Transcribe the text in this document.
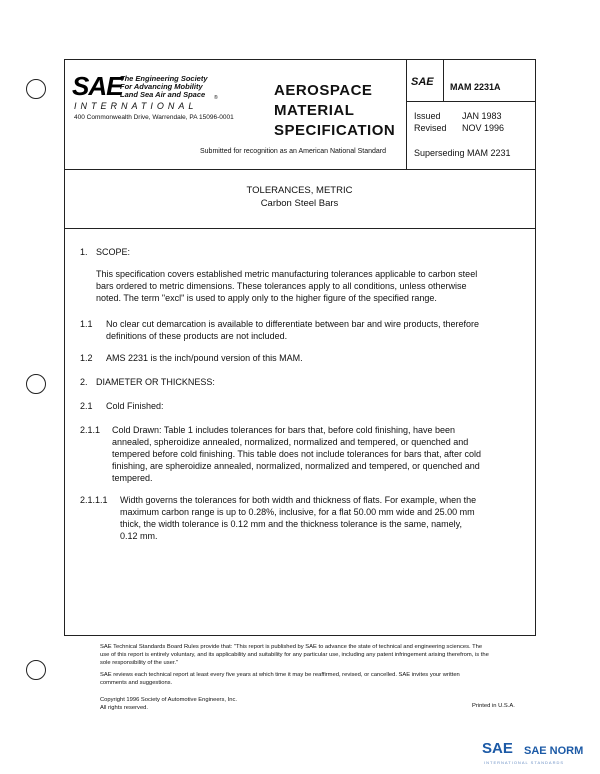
SAE
The Engineering Society
For Advancing Mobility
Land Sea Air and Space ®
INTERNATIONAL
400 Commonwealth Drive, Warrendale, PA 15096-0001
AEROSPACE
MATERIAL
SPECIFICATION
Submitted for recognition as an American National Standard
SAE MAM 2231A
Issued JAN 1983
Revised NOV 1996
Superseding MAM 2231
TOLERANCES, METRIC
Carbon Steel Bars
1. SCOPE:
This specification covers established metric manufacturing tolerances applicable to carbon steel
bars ordered to metric dimensions. These tolerances apply to all conditions, unless otherwise
noted. The term "excl" is used to apply only to the higher figure of the specified range.
1.1 No clear cut demarcation is available to differentiate between bar and wire products, therefore
definitions of these products are not included.
1.2 AMS 2231 is the inch/pound version of this MAM.
2. DIAMETER OR THICKNESS:
2.1 Cold Finished:
2.1.1 Cold Drawn: Table 1 includes tolerances for bars that, before cold finishing, have been
annealed, spheroidize annealed, normalized, normalized and tempered, or quenched and
tempered before cold finishing. This table does not include tolerances for bars that, after cold
finishing, are spheroidize annealed, normalized, normalized and tempered, or quenched and
tempered.
2.1.1.1 Width governs the tolerances for both width and thickness of flats. For example, when the
maximum carbon range is up to 0.28%, inclusive, for a flat 50.00 mm wide and 25.00 mm
thick, the width tolerance is 0.12 mm and the thickness tolerance is the same, namely,
0.12 mm.
SAE Technical Standards Board Rules provide that: "This report is published by SAE to advance the state of technical and engineering sciences. The
use of this report is entirely voluntary, and its applicability and suitability for any particular use, including any patent infringement arising therefrom, is the
sole responsibility of the user."
SAE reviews each technical report at least every five years at which time it may be reaffirmed, revised, or cancelled. SAE invites your written
comments and suggestions.
Copyright 1996 Society of Automotive Engineers, Inc.
All rights reserved.	Printed in U.S.A.
SAE SAE NORM
INTERNATIONAL STANDARDS
